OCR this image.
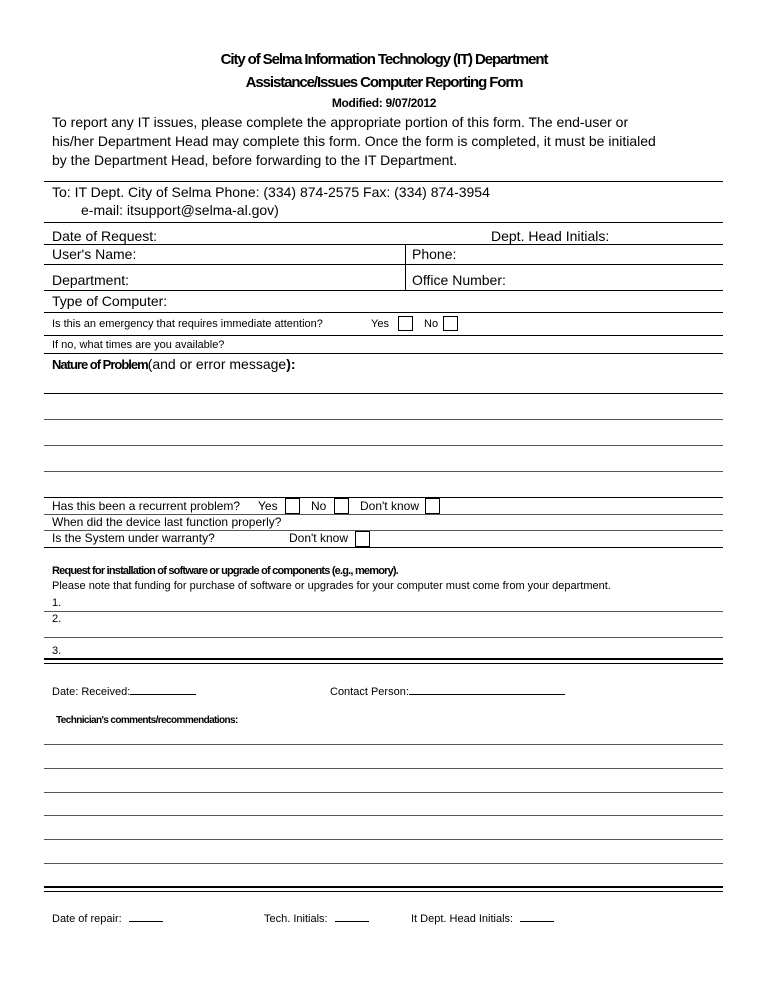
City of Selma Information Technology (IT) Department
Assistance/Issues Computer Reporting Form
Modified: 9/07/2012
To report any IT issues, please complete the appropriate portion of this form. The end-user or
his/her Department Head may complete this form. Once the form is completed, it must be initialed
by the Department Head, before forwarding to the IT Department.
To: IT Dept. City of Selma Phone: (334) 874-2575 Fax: (334) 874-3954
e-mail: itsupport@selma-al.gov)
Date of Request:	Dept. Head Initials:
User's Name:	Phone:
Department:	Office Number:
Type of Computer:
Is this an emergency that requires immediate attention?	Yes	No
If no, what times are you available?
Nature of Problem(and or error message):
Has this been a recurrent problem? Yes	No	Don't know
When did the device last function properly?
Is the System under warranty?	Don't know
Request for installation of software or upgrade of components (e.g., memory).
Please note that funding for purchase of software or upgrades for your computer must come from your department.
1.
2.
3.
Date: Received:	Contact Person:
Technician's comments/recommendations:
Date of repair:	Tech. Initials:	It Dept. Head Initials:
